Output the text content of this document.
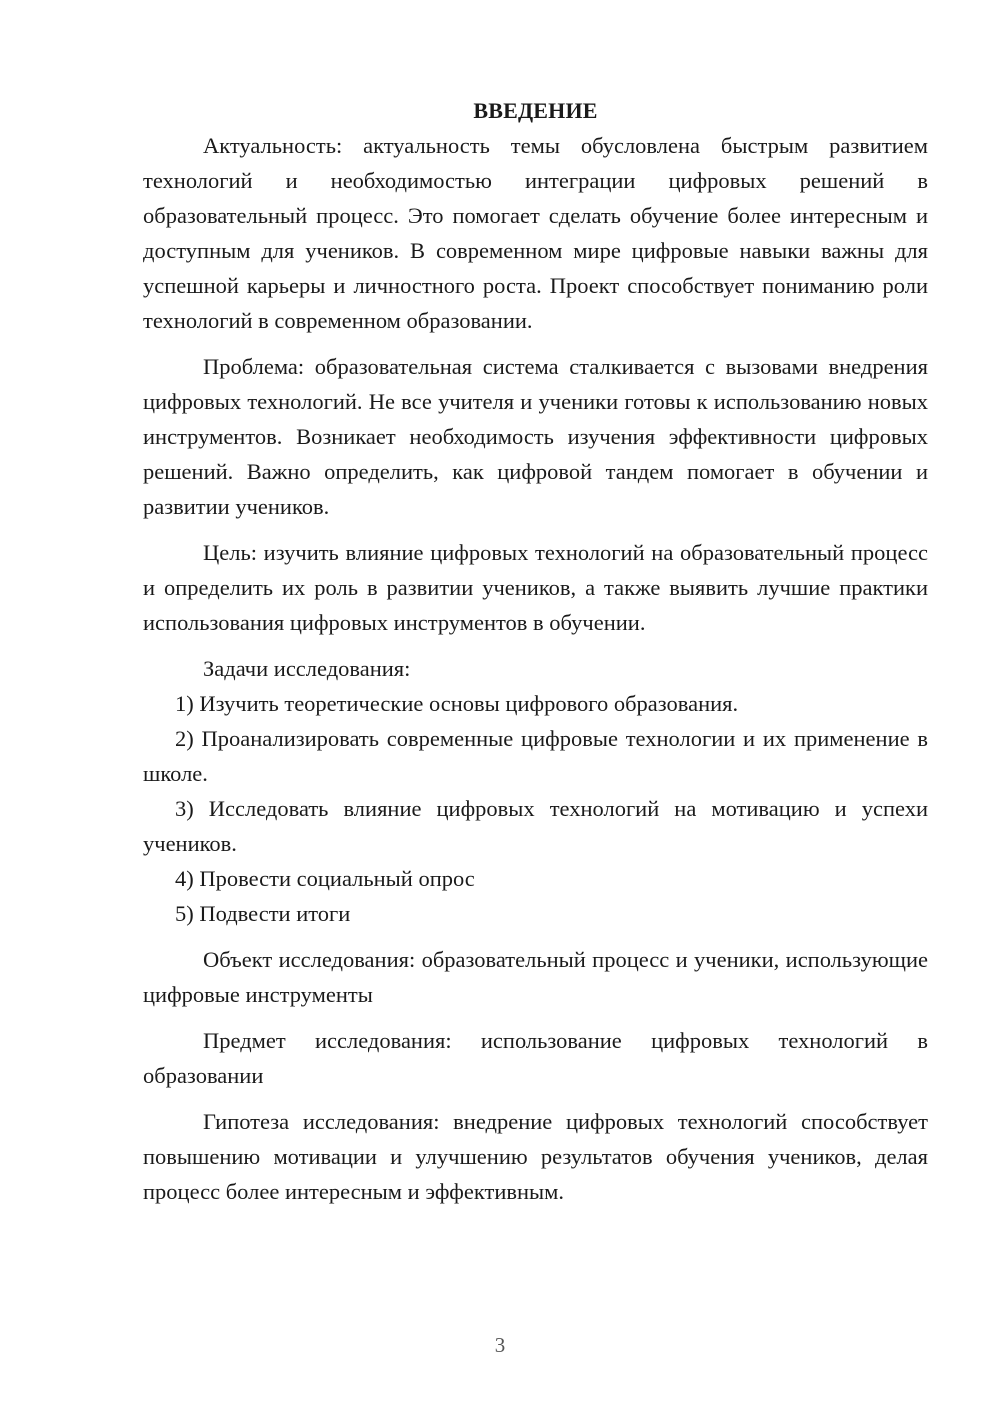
ВВЕДЕНИЕ

Актуальность: актуальность темы обусловлена быстрым развитием технологий и необходимостью интеграции цифровых решений в образовательный процесс. Это помогает сделать обучение более интересным и доступным для учеников. В современном мире цифровые навыки важны для успешной карьеры и личностного роста. Проект способствует пониманию роли технологий в современном образовании.

Проблема: образовательная система сталкивается с вызовами внедрения цифровых технологий. Не все учителя и ученики готовы к использованию новых инструментов. Возникает необходимость изучения эффективности цифровых решений. Важно определить, как цифровой тандем помогает в обучении и развитии учеников.

Цель: изучить влияние цифровых технологий на образовательный процесс и определить их роль в развитии учеников, а также выявить лучшие практики использования цифровых инструментов в обучении.

Задачи исследования:

1) Изучить теоретические основы цифрового образования.

2) Проанализировать современные цифровые технологии и их применение в школе.

3) Исследовать влияние цифровых технологий на мотивацию и успехи учеников.

4) Провести социальный опрос

5) Подвести итоги

Объект исследования: образовательный процесс и ученики, использующие цифровые инструменты

Предмет исследования: использование цифровых технологий в образовании

Гипотеза исследования: внедрение цифровых технологий способствует повышению мотивации и улучшению результатов обучения учеников, делая процесс более интересным и эффективным.

3
